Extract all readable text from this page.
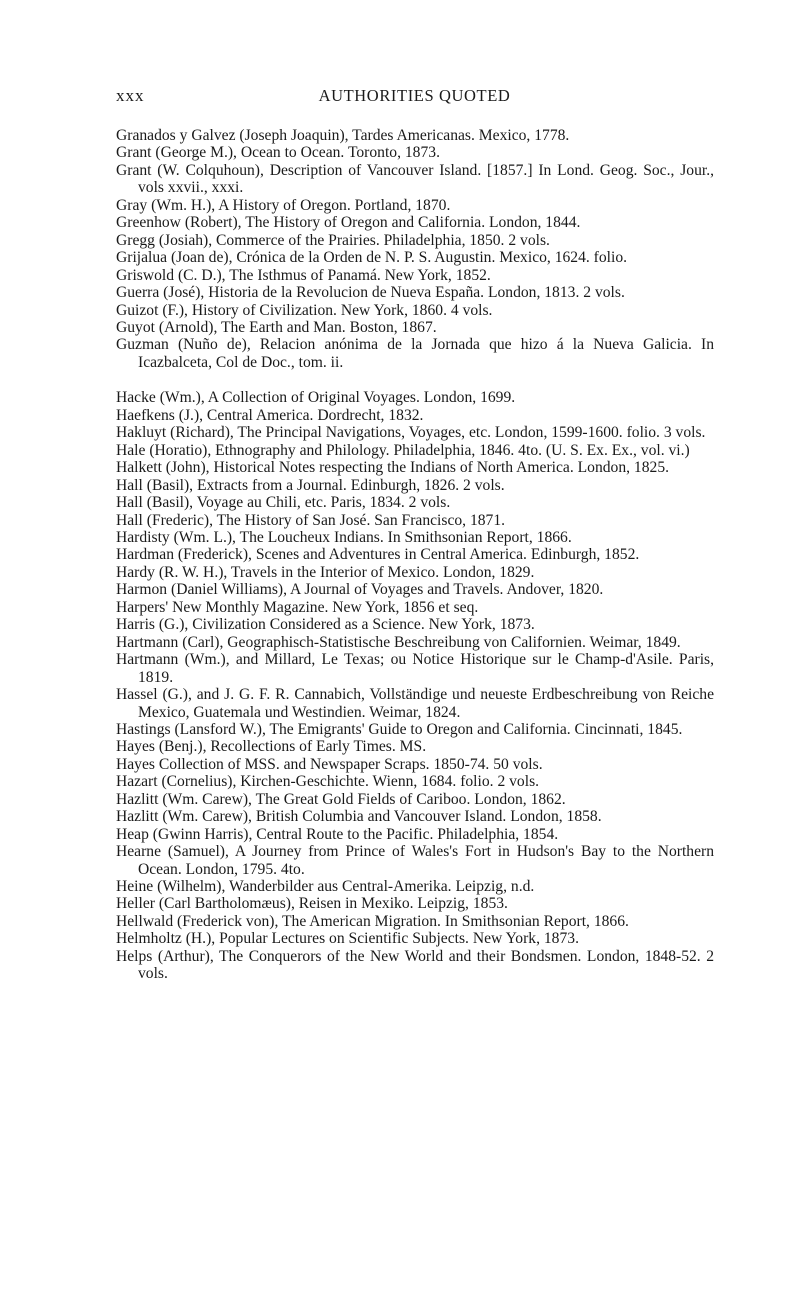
xxx	AUTHORITIES QUOTED
Granados y Galvez (Joseph Joaquin), Tardes Americanas. Mexico, 1778.
Grant (George M.), Ocean to Ocean. Toronto, 1873.
Grant (W. Colquhoun), Description of Vancouver Island. [1857.] In Lond. Geog. Soc., Jour., vols xxvii., xxxi.
Gray (Wm. H.), A History of Oregon. Portland, 1870.
Greenhow (Robert), The History of Oregon and California. London, 1844.
Gregg (Josiah), Commerce of the Prairies. Philadelphia, 1850. 2 vols.
Grijalua (Joan de), Crónica de la Orden de N. P. S. Augustin. Mexico, 1624. folio.
Griswold (C. D.), The Isthmus of Panamá. New York, 1852.
Guerra (José), Historia de la Revolucion de Nueva España. London, 1813. 2 vols.
Guizot (F.), History of Civilization. New York, 1860. 4 vols.
Guyot (Arnold), The Earth and Man. Boston, 1867.
Guzman (Nuño de), Relacion anónima de la Jornada que hizo á la Nueva Galicia. In Icazbalceta, Col de Doc., tom. ii.
Hacke (Wm.), A Collection of Original Voyages. London, 1699.
Haefkens (J.), Central America. Dordrecht, 1832.
Hakluyt (Richard), The Principal Navigations, Voyages, etc. London, 1599-1600. folio. 3 vols.
Hale (Horatio), Ethnography and Philology. Philadelphia, 1846. 4to. (U. S. Ex. Ex., vol. vi.)
Halkett (John), Historical Notes respecting the Indians of North America. London, 1825.
Hall (Basil), Extracts from a Journal. Edinburgh, 1826. 2 vols.
Hall (Basil), Voyage au Chili, etc. Paris, 1834. 2 vols.
Hall (Frederic), The History of San José. San Francisco, 1871.
Hardisty (Wm. L.), The Loucheux Indians. In Smithsonian Report, 1866.
Hardman (Frederick), Scenes and Adventures in Central America. Edinburgh, 1852.
Hardy (R. W. H.), Travels in the Interior of Mexico. London, 1829.
Harmon (Daniel Williams), A Journal of Voyages and Travels. Andover, 1820.
Harpers' New Monthly Magazine. New York, 1856 et seq.
Harris (G.), Civilization Considered as a Science. New York, 1873.
Hartmann (Carl), Geographisch-Statistische Beschreibung von Californien. Weimar, 1849.
Hartmann (Wm.), and Millard, Le Texas; ou Notice Historique sur le Champ-d'Asile. Paris, 1819.
Hassel (G.), and J. G. F. R. Cannabich, Vollständige und neueste Erdbeschreibung von Reiche Mexico, Guatemala und Westindien. Weimar, 1824.
Hastings (Lansford W.), The Emigrants' Guide to Oregon and California. Cincinnati, 1845.
Hayes (Benj.), Recollections of Early Times. MS.
Hayes Collection of MSS. and Newspaper Scraps. 1850-74. 50 vols.
Hazart (Cornelius), Kirchen-Geschichte. Wienn, 1684. folio. 2 vols.
Hazlitt (Wm. Carew), The Great Gold Fields of Cariboo. London, 1862.
Hazlitt (Wm. Carew), British Columbia and Vancouver Island. London, 1858.
Heap (Gwinn Harris), Central Route to the Pacific. Philadelphia, 1854.
Hearne (Samuel), A Journey from Prince of Wales's Fort in Hudson's Bay to the Northern Ocean. London, 1795. 4to.
Heine (Wilhelm), Wanderbilder aus Central-Amerika. Leipzig, n.d.
Heller (Carl Bartholomæus), Reisen in Mexiko. Leipzig, 1853.
Hellwald (Frederick von), The American Migration. In Smithsonian Report, 1866.
Helmholtz (H.), Popular Lectures on Scientific Subjects. New York, 1873.
Helps (Arthur), The Conquerors of the New World and their Bondsmen. London, 1848-52. 2 vols.
